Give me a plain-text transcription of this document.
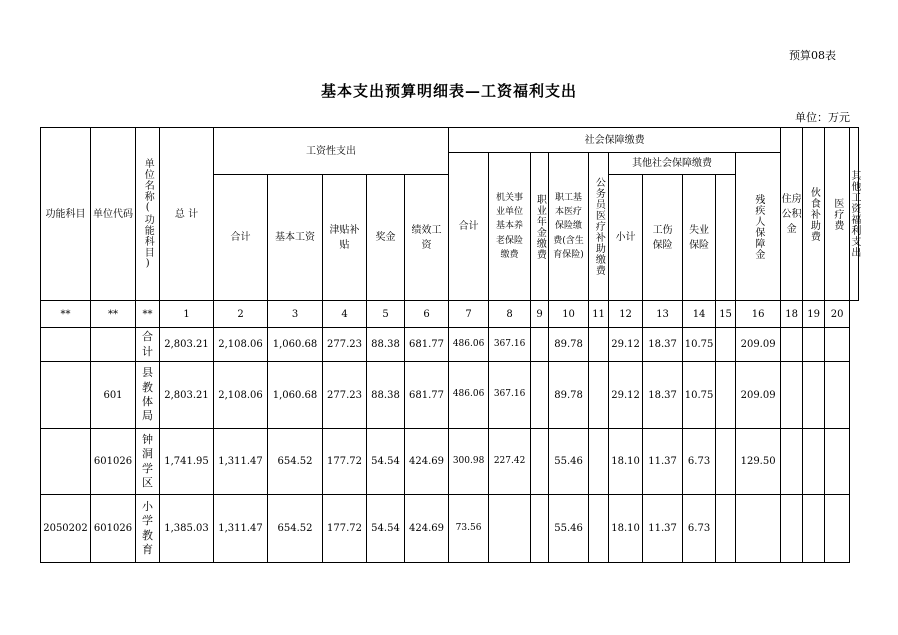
预算08表
基本支出预算明细表—工资福利支出
单位：万元
功能科目	单位代码	单位名称(功能科目)	总 计	工资性支出					社会保障缴费										住房公积金	伙食补助费	医疗费	其他工资福利支出

									合计	机关事业单位基本养老保险缴费	职业年金缴费	职工基本医疗保险缴费(含生育保险)	公务员医疗补助缴费	其他社会保障缴费				残疾人保障金				

				合计	基本工资	津贴补贴	奖金	绩效工资						小计	工伤保险	失业保险						

**	**	**	1	2	3	4	5	6	7	8	9	10	11	12	13	14	15	16	18	19	20	

		合计	2,803.21	2,108.06	1,060.68	277.23	88.38	681.77	486.06	367.16		89.78		29.12	18.37	10.75		209.09				
	601	县教体局	2,803.21	2,108.06	1,060.68	277.23	88.38	681.77	486.06	367.16		89.78		29.12	18.37	10.75		209.09				
	601026	钟洞学区	1,741.95	1,311.47	654.52	177.72	54.54	424.69	300.98	227.42		55.46		18.10	11.37	6.73		129.50				
2050202	601026	小学教育	1,385.03	1,311.47	654.52	177.72	54.54	424.69	73.56			55.46		18.10	11.37	6.73						
